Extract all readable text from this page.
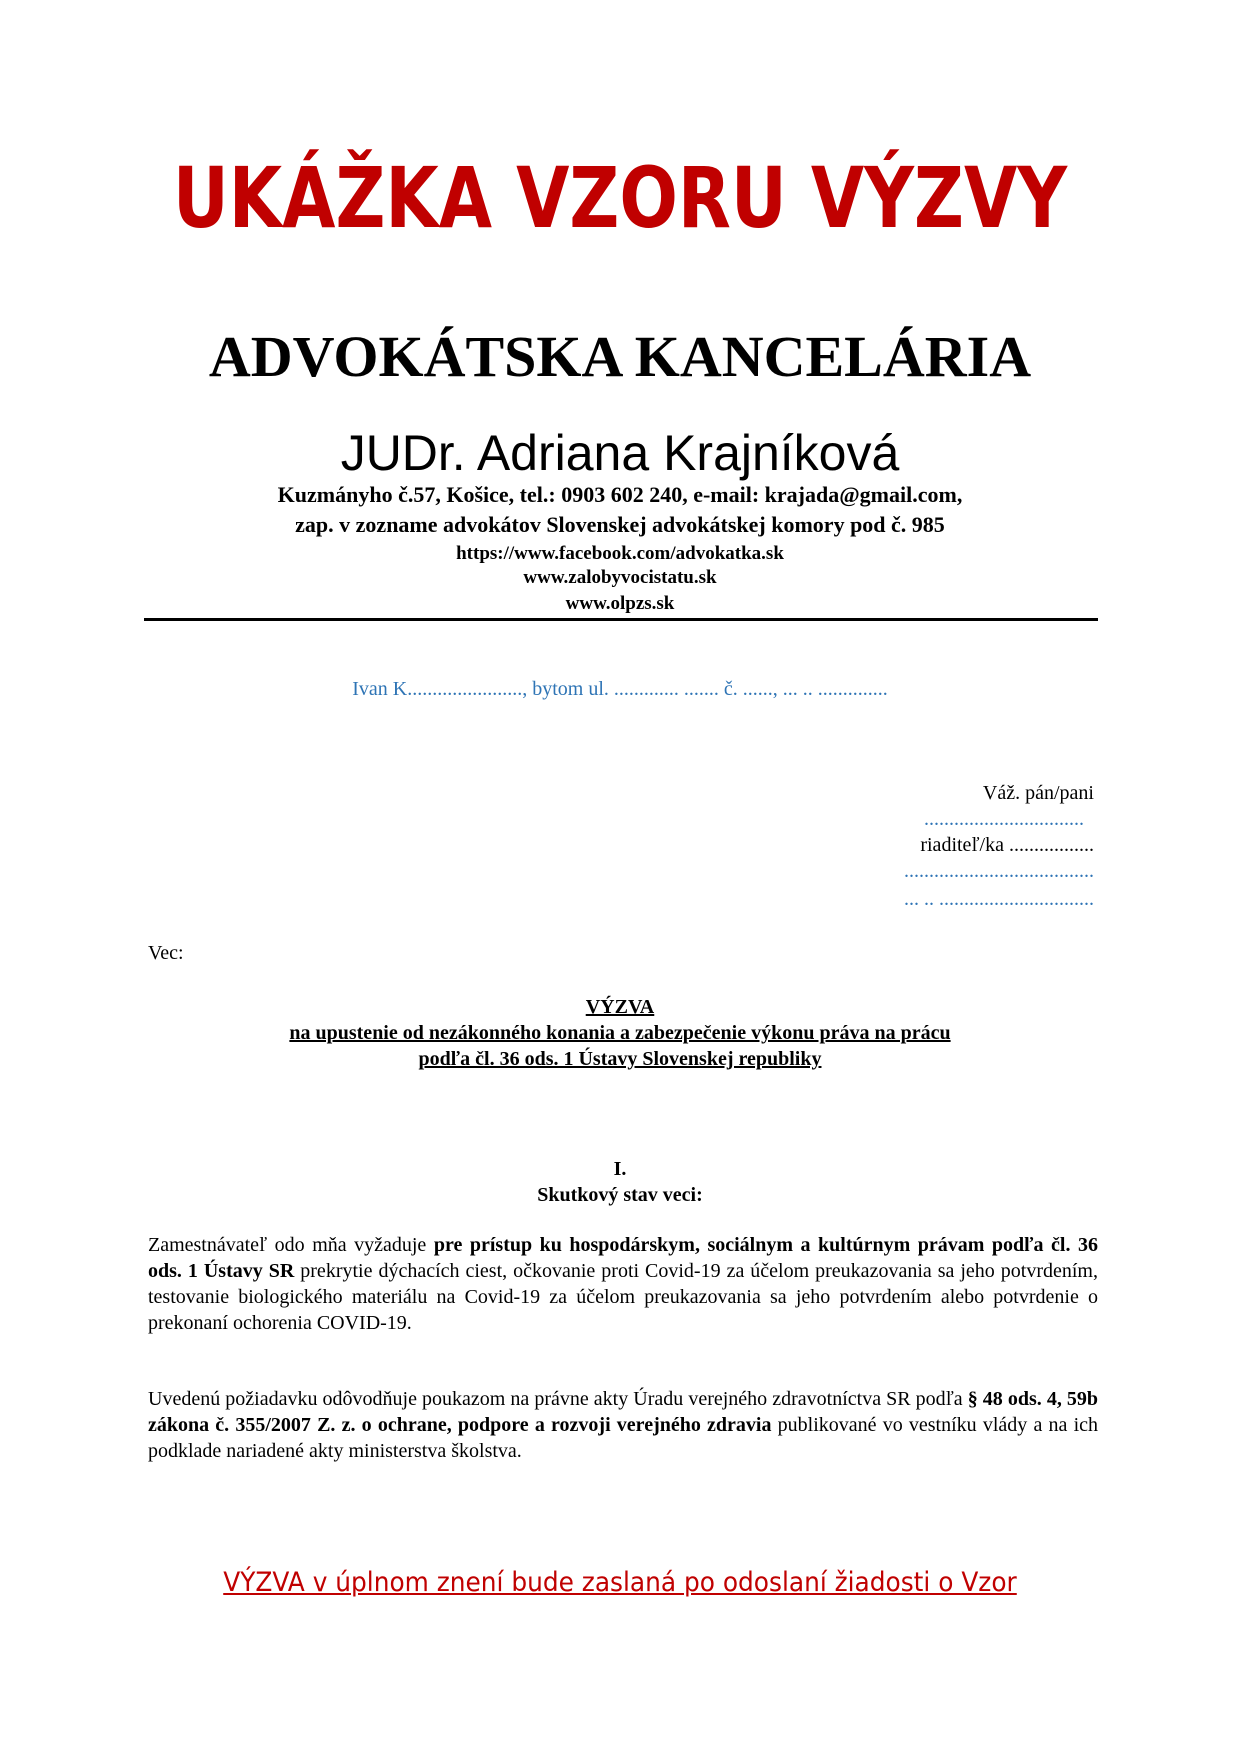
UKÁŽKA VZORU VÝZVY
ADVOKÁTSKA KANCELÁRIA
JUDr. Adriana Krajníková
Kuzmányho č.57, Košice, tel.: 0903 602 240, e-mail: krajada@gmail.com,
zap. v zozname advokátov Slovenskej advokátskej komory pod č. 985
https://www.facebook.com/advokatka.sk
www.zalobyvocistatu.sk
www.olpzs.sk
Ivan K......................., bytom ul. ............. ....... č. ......, ... .. ..............
Váž. pán/pani
................................
riaditeľ/ka .................
......................................
... .. ...............................
Vec:
VÝZVA
na upustenie od nezákonného konania a zabezpečenie výkonu práva na prácu
podľa čl. 36 ods. 1 Ústavy Slovenskej republiky
I.
Skutkový stav veci:
Zamestnávateľ odo mňa vyžaduje pre prístup ku hospodárskym, sociálnym a kultúrnym právam podľa čl. 36 ods. 1 Ústavy SR prekrytie dýchacích ciest, očkovanie proti Covid-19 za účelom preukazovania sa jeho potvrdením, testovanie biologického materiálu na Covid-19 za účelom preukazovania sa jeho potvrdením alebo potvrdenie o prekonaní ochorenia COVID-19.
Uvedenú požiadavku odôvodňuje poukazom na právne akty Úradu verejného zdravotníctva SR podľa § 48 ods. 4, 59b zákona č. 355/2007 Z. z. o ochrane, podpore a rozvoji verejného zdravia publikované vo vestníku vlády a na ich podklade nariadené akty ministerstva školstva.
VÝZVA v úplnom znení bude zaslaná po odoslaní žiadosti o Vzor
